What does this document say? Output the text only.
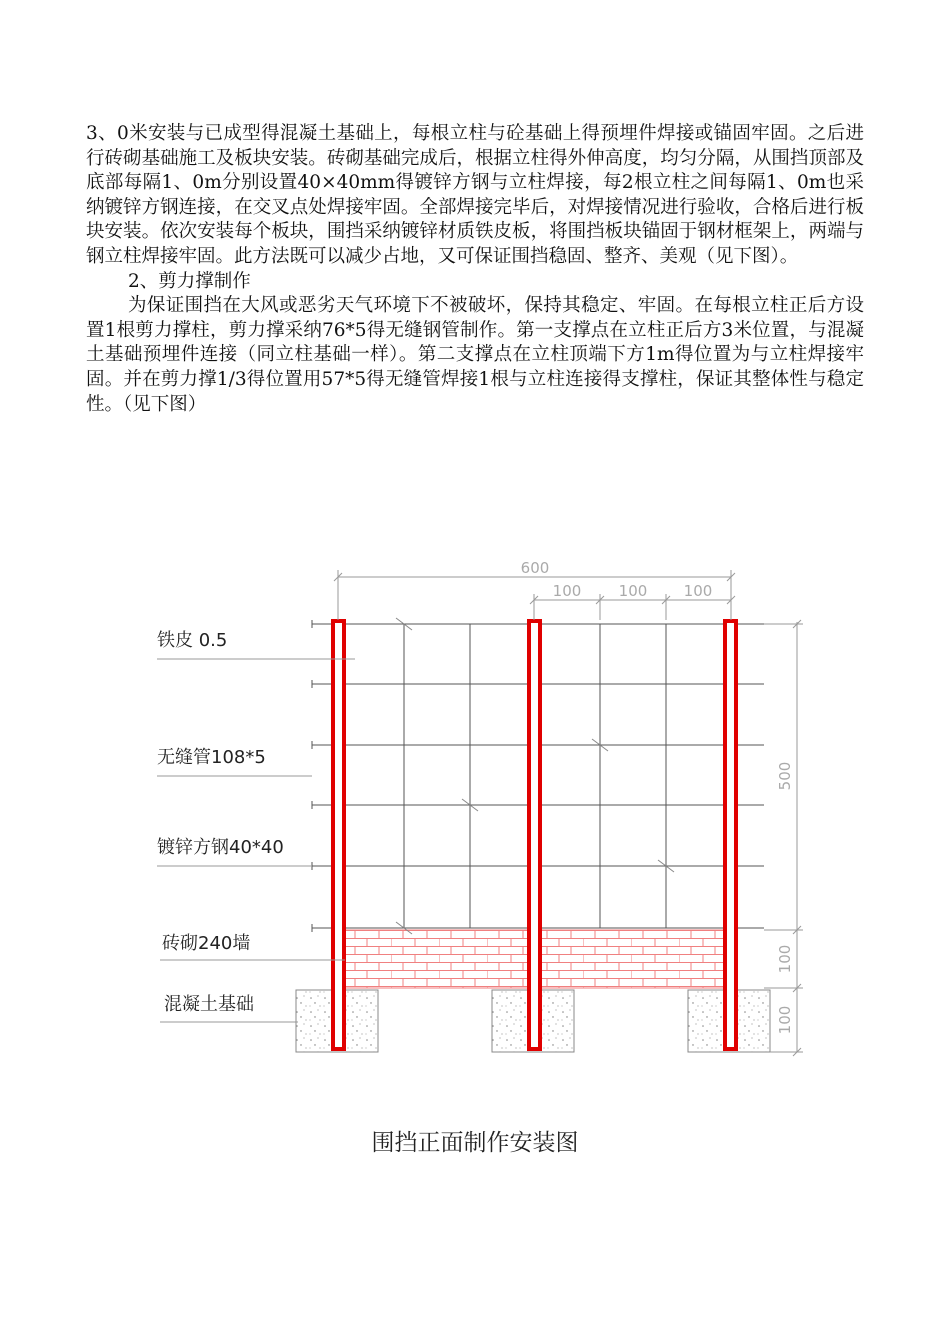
3、0米安装与已成型得混凝土基础上，每根立柱与砼基础上得预埋件焊接或锚固牢固。之后进行砖砌基础施工及板块安装。砖砌基础完成后，根据立柱得外伸高度，均匀分隔，从围挡顶部及底部每隔1、0m分别设置40×40mm得镀锌方钢与立柱焊接，每2根立柱之间每隔1、0m也采纳镀锌方钢连接，在交叉点处焊接牢固。全部焊接完毕后，对焊接情况进行验收，合格后进行板块安装。依次安装每个板块，围挡采纳镀锌材质铁皮板，将围挡板块锚固于钢材框架上，两端与钢立柱焊接牢固。此方法既可以减少占地，又可保证围挡稳固、整齐、美观（见下图）。

2、剪力撑制作

为保证围挡在大风或恶劣天气环境下不被破坏，保持其稳定、牢固。在每根立柱正后方设置1根剪力撑柱，剪力撑采纳76*5得无缝钢管制作。第一支撑点在立柱正后方3米位置，与混凝土基础预埋件连接（同立柱基础一样）。第二支撑点在立柱顶端下方1m得位置为与立柱焊接牢固。并在剪力撑1/3得位置用57*5得无缝管焊接1根与立柱连接得支撑柱，保证其整体性与稳定性。（见下图）

600
100 100 100
500
100
100
铁皮 0.5
无缝管108*5
镀锌方钢40*40
砖砌240墙
混凝土基础
围挡正面制作安装图
